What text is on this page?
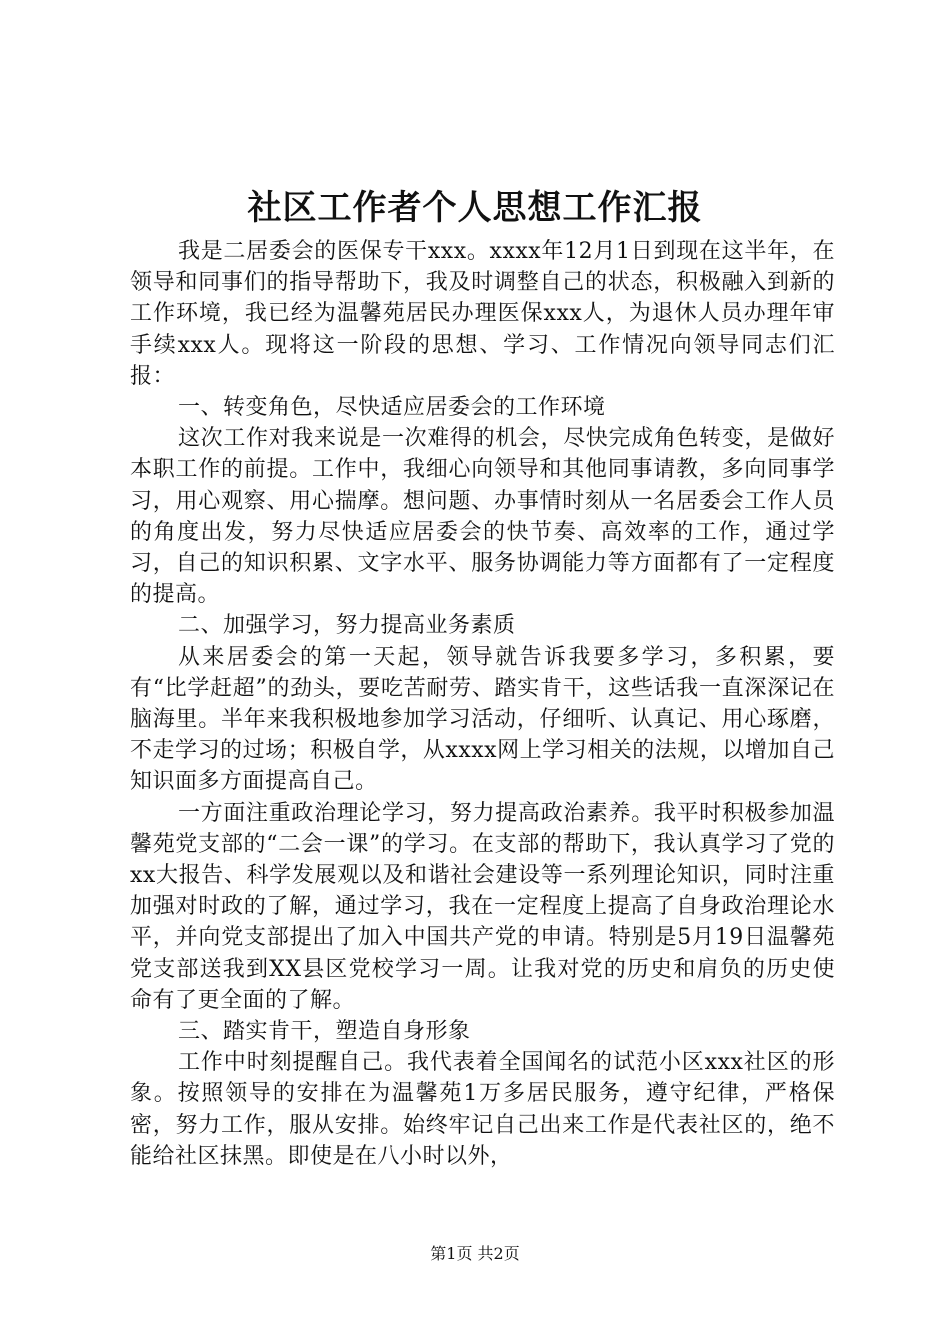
社区工作者个人思想工作汇报

我是二居委会的医保专干xxx。xxxx年12月1日到现在这半年，在领导和同事们的指导帮助下，我及时调整自己的状态，积极融入到新的工作环境，我已经为温馨苑居民办理医保xxx人，为退休人员办理年审手续xxx人。现将这一阶段的思想、学习、工作情况向领导同志们汇报：

一、转变角色，尽快适应居委会的工作环境

这次工作对我来说是一次难得的机会，尽快完成角色转变，是做好本职工作的前提。工作中，我细心向领导和其他同事请教，多向同事学习，用心观察、用心揣摩。想问题、办事情时刻从一名居委会工作人员的角度出发，努力尽快适应居委会的快节奏、高效率的工作，通过学习，自己的知识积累、文字水平、服务协调能力等方面都有了一定程度的提高。

二、加强学习，努力提高业务素质

从来居委会的第一天起，领导就告诉我要多学习，多积累，要有“比学赶超”的劲头，要吃苦耐劳、踏实肯干，这些话我一直深深记在脑海里。半年来我积极地参加学习活动，仔细听、认真记、用心琢磨，不走学习的过场；积极自学，从xxxx网上学习相关的法规，以增加自己知识面多方面提高自己。

一方面注重政治理论学习，努力提高政治素养。我平时积极参加温馨苑党支部的“二会一课”的学习。在支部的帮助下，我认真学习了党的xx大报告、科学发展观以及和谐社会建设等一系列理论知识，同时注重加强对时政的了解，通过学习，我在一定程度上提高了自身政治理论水平，并向党支部提出了加入中国共产党的申请。特别是5月19日温馨苑党支部送我到XX县区党校学习一周。让我对党的历史和肩负的历史使命有了更全面的了解。

三、踏实肯干，塑造自身形象

工作中时刻提醒自己。我代表着全国闻名的试范小区xxx社区的形象。按照领导的安排在为温馨苑1万多居民服务，遵守纪律，严格保密，努力工作，服从安排。始终牢记自己出来工作是代表社区的，绝不能给社区抹黑。即使是在八小时以外，

第1页 共2页
